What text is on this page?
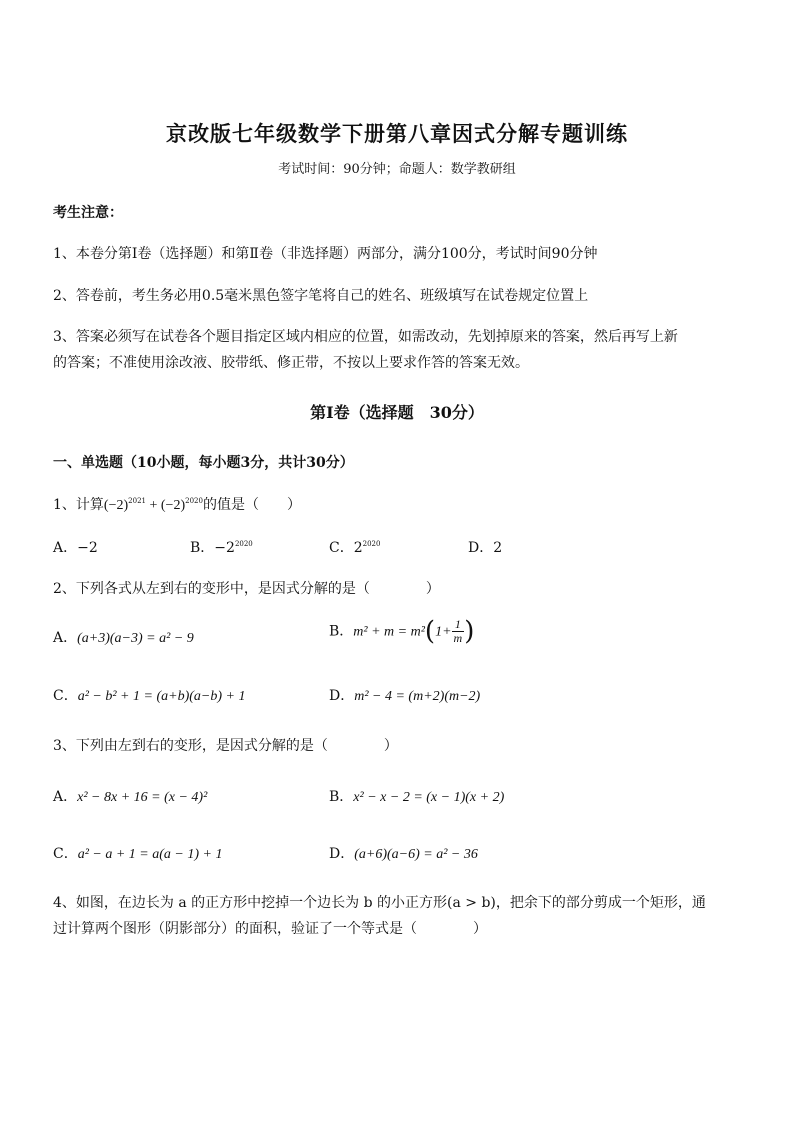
京改版七年级数学下册第八章因式分解专题训练
考试时间：90分钟；命题人：数学教研组
考生注意：
1、本卷分第Ⅰ卷（选择题）和第Ⅱ卷（非选择题）两部分，满分100分，考试时间90分钟
2、答卷前，考生务必用0.5毫米黑色签字笔将自己的姓名、班级填写在试卷规定位置上
3、答案必须写在试卷各个题目指定区域内相应的位置，如需改动，先划掉原来的答案，然后再写上新
的答案；不准使用涂改液、胶带纸、修正带，不按以上要求作答的答案无效。
第Ⅰ卷（选择题　30分）
一、单选题（10小题，每小题3分，共计30分）
1、计算$(-2)^{2021} + (-2)^{2020}$的值是（　　）
A．−2	B．$-2^{2020}$	C．$2^{2020}$	D．2
2、下列各式从左到右的变形中，是因式分解的是（　　　　）
A．(a+3)(a−3) = a² − 9	B．$m^2 + m = m^2(1+ \frac{1}{m}$ )
C．a² − b² + 1 = (a+b)(a−b) + 1	D．m² − 4 = (m+2)(m−2)
3、下列由左到右的变形，是因式分解的是（　　　　）
A．x² − 8x + 16 = (x − 4)²	B．x² − x − 2 = (x − 1)(x + 2)
C．a² − a + 1 = a(a − 1) + 1	D．(a+6)(a−6) = a² − 36
4、如图，在边长为 a 的正方形中挖掉一个边长为 b 的小正方形(a > b)，把余下的部分剪成一个矩形，通
过计算两个图形（阴影部分）的面积，验证了一个等式是（　　　　）
